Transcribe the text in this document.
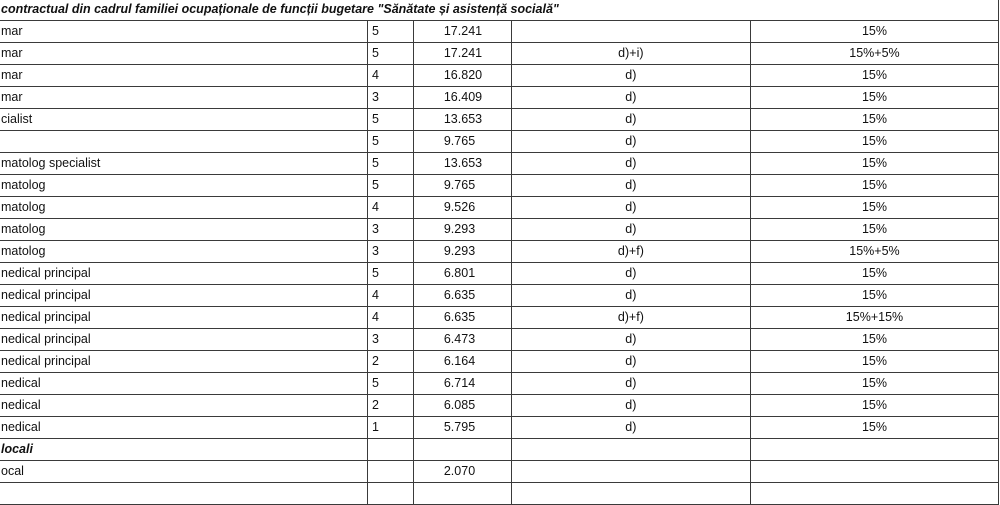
contractual din cadrul familiei ocupaționale de funcții bugetare "Sănătate și asistență socială"				
mar	5	17.241		15%
mar	5	17.241	d)+i)	15%+5%
mar	4	16.820	d)	15%
mar	3	16.409	d)	15%
cialist	5	13.653	d)	15%
	5	9.765	d)	15%
matolog specialist	5	13.653	d)	15%
matolog	5	9.765	d)	15%
matolog	4	9.526	d)	15%
matolog	3	9.293	d)	15%
matolog	3	9.293	d)+f)	15%+5%
nedical principal	5	6.801	d)	15%
nedical principal	4	6.635	d)	15%
nedical principal	4	6.635	d)+f)	15%+15%
nedical principal	3	6.473	d)	15%
nedical principal	2	6.164	d)	15%
nedical	5	6.714	d)	15%
nedical	2	6.085	d)	15%
nedical	1	5.795	d)	15%
locali				
ocal		2.070		
